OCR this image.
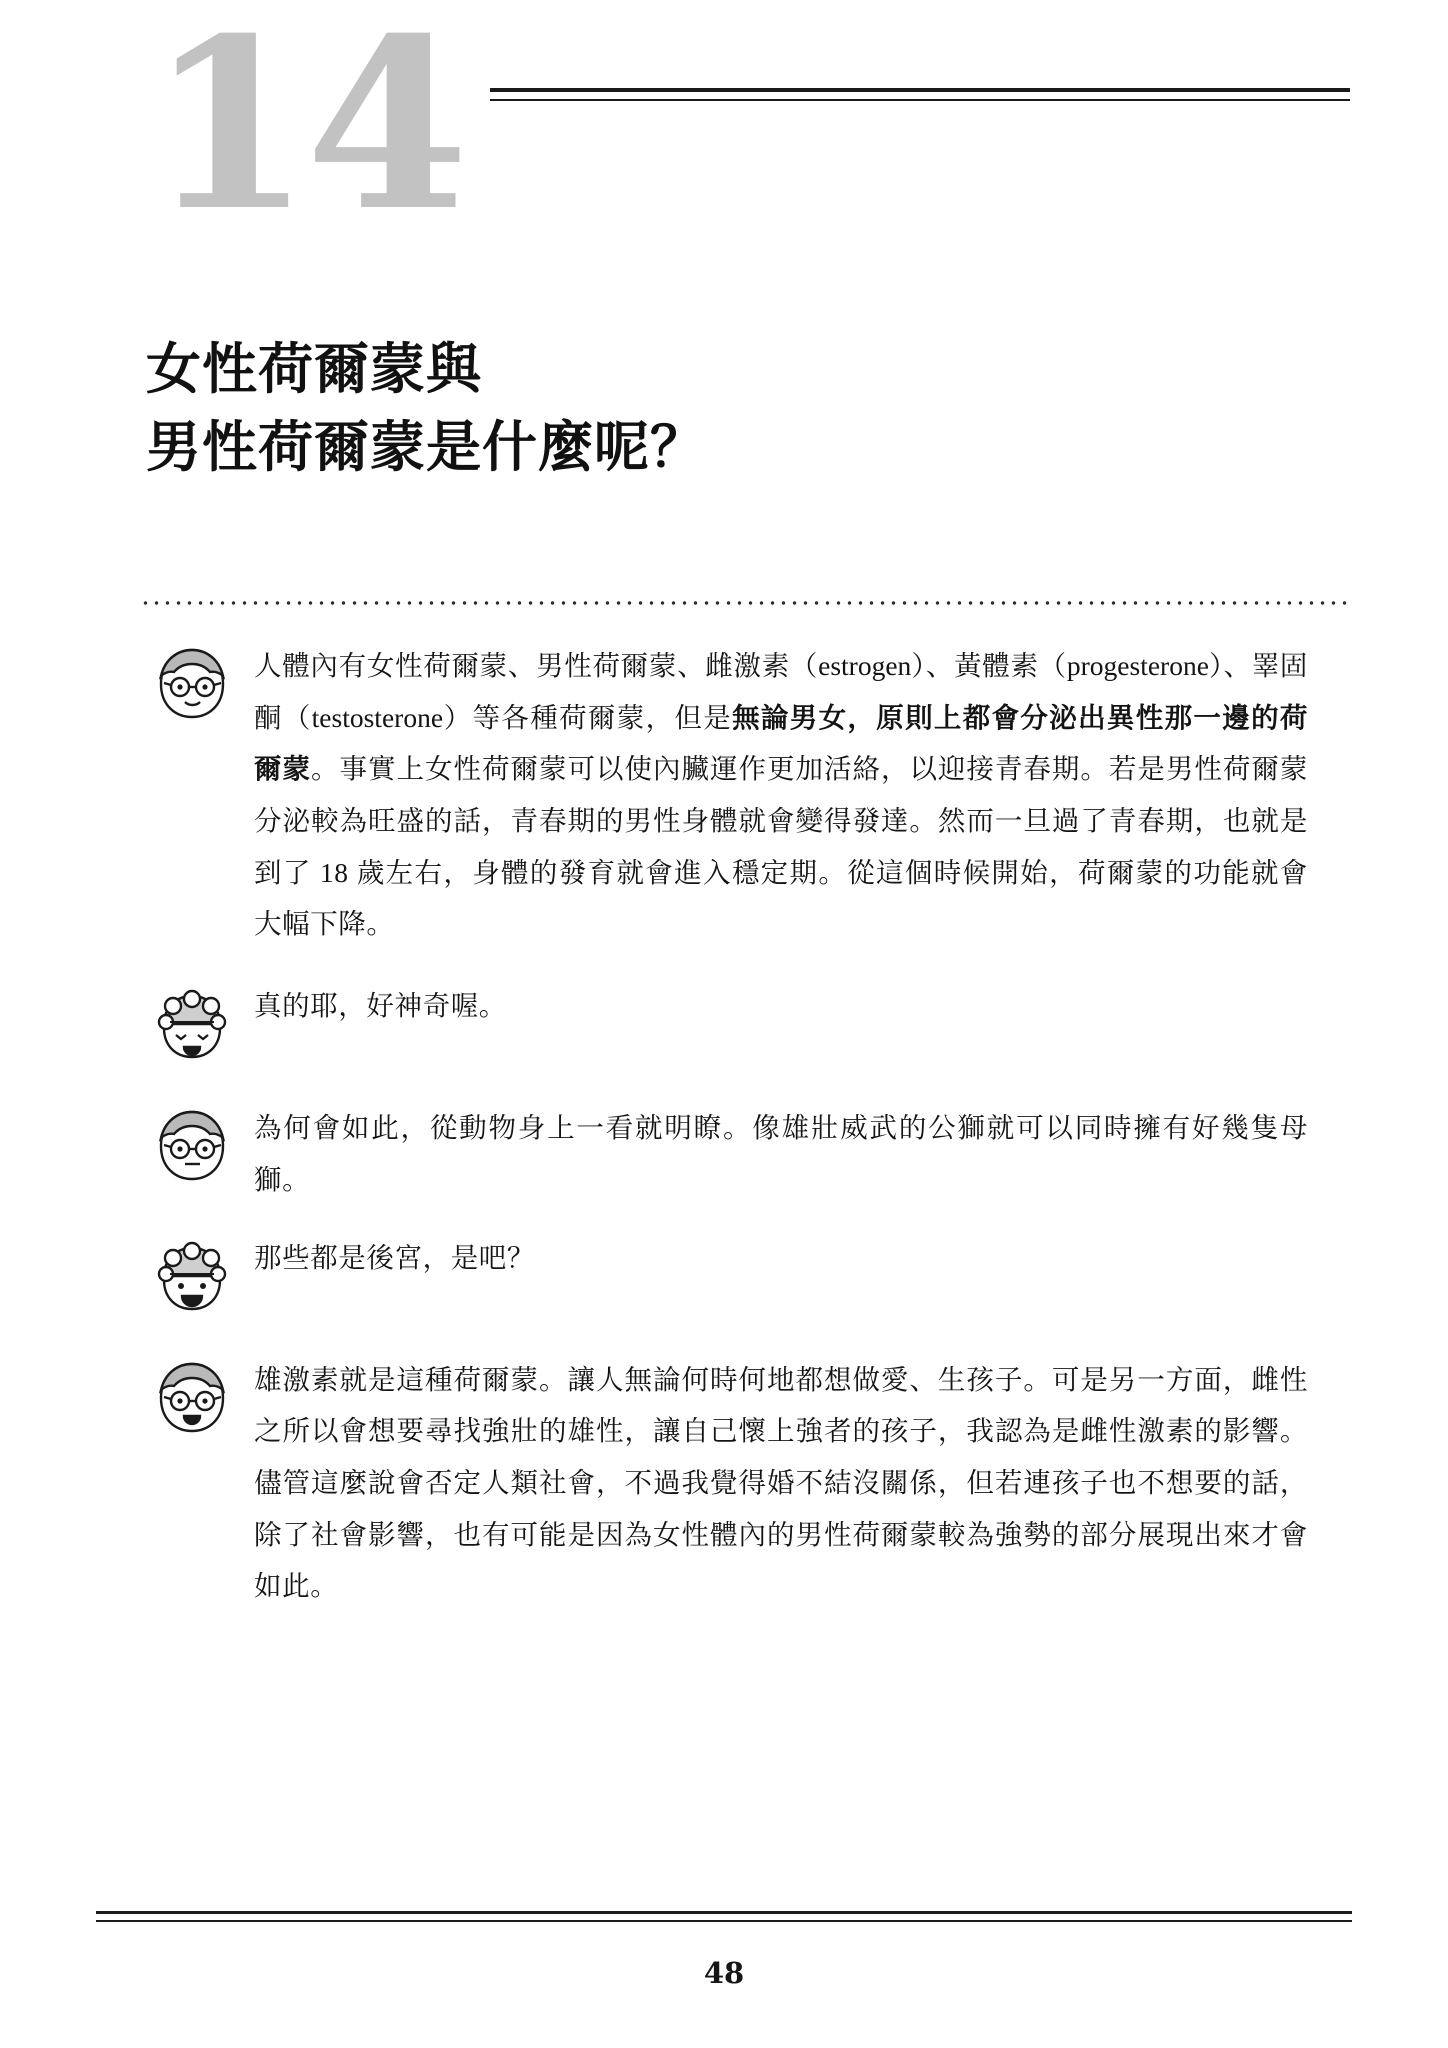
14
女性荷爾蒙與
男性荷爾蒙是什麼呢？
人體內有女性荷爾蒙、男性荷爾蒙、雌激素（estrogen）、黃體素（progesterone）、睪固酮（testosterone）等各種荷爾蒙，但是無論男女，原則上都會分泌出異性那一邊的荷爾蒙。事實上女性荷爾蒙可以使內臟運作更加活絡，以迎接青春期。若是男性荷爾蒙分泌較為旺盛的話，青春期的男性身體就會變得發達。然而一旦過了青春期，也就是到了 18 歲左右，身體的發育就會進入穩定期。從這個時候開始，荷爾蒙的功能就會大幅下降。
真的耶，好神奇喔。
為何會如此，從動物身上一看就明瞭。像雄壯威武的公獅就可以同時擁有好幾隻母獅。
那些都是後宮，是吧？
雄激素就是這種荷爾蒙。讓人無論何時何地都想做愛、生孩子。可是另一方面，雌性之所以會想要尋找強壯的雄性，讓自己懷上強者的孩子，我認為是雌性激素的影響。儘管這麼說會否定人類社會，不過我覺得婚不結沒關係，但若連孩子也不想要的話，除了社會影響，也有可能是因為女性體內的男性荷爾蒙較為強勢的部分展現出來才會如此。
48
